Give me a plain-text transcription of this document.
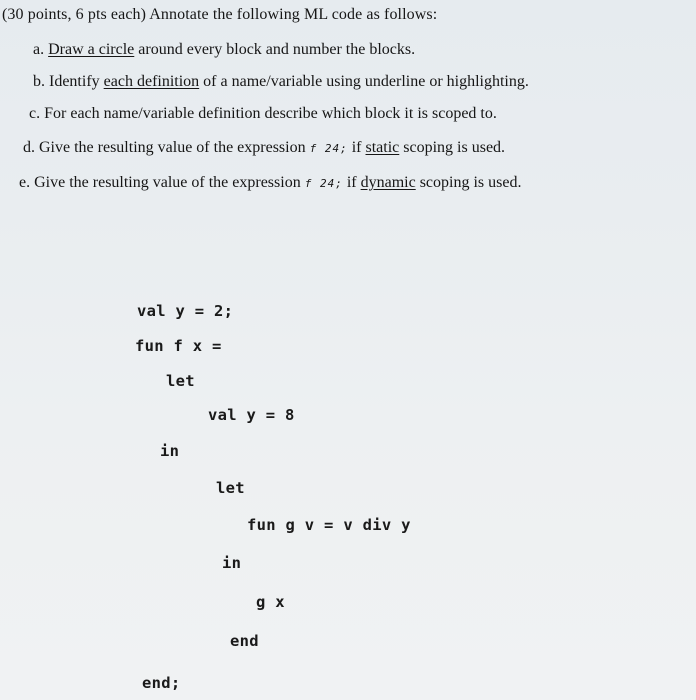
(30 points, 6 pts each) Annotate the following ML code as follows:
a. Draw a circle around every block and number the blocks.
b. Identify each definition of a name/variable using underline or highlighting.
c. For each name/variable definition describe which block it is scoped to.
d. Give the resulting value of the expression f 24; if static scoping is used.
e. Give the resulting value of the expression f 24; if dynamic scoping is used.
val y = 2;
fun f x =
let
val y = 8
in
let
fun g v = v div y
in
g x
end
end;
